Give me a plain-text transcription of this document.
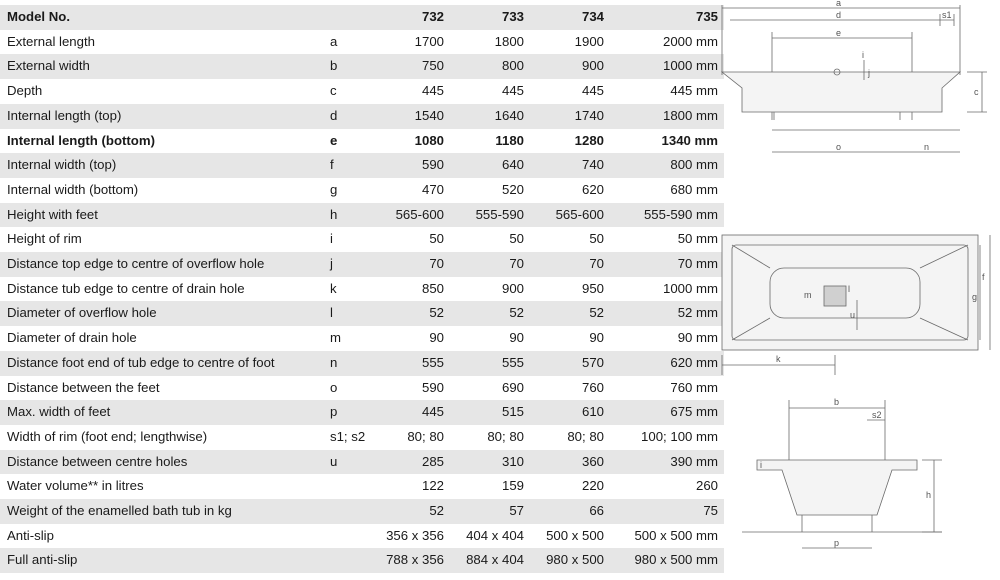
Model No.		732	733	734	735
External length	a	1700	1800	1900	2000 mm
External width	b	750	800	900	1000 mm
Depth	c	445	445	445	445 mm
Internal length (top)	d	1540	1640	1740	1800 mm
Internal length (bottom)	e	1080	1180	1280	1340 mm
Internal width (top)	f	590	640	740	800 mm
Internal width (bottom)	g	470	520	620	680 mm
Height with feet	h	565-600	555-590	565-600	555-590 mm
Height of rim	i	50	50	50	50 mm
Distance top edge to centre of overflow hole	j	70	70	70	70 mm
Distance tub edge to centre of drain hole	k	850	900	950	1000 mm
Diameter of overflow hole	l	52	52	52	52 mm
Diameter of drain hole	m	90	90	90	90 mm
Distance foot end of tub edge to centre of foot	n	555	555	570	620 mm
Distance between the feet	o	590	690	760	760 mm
Max. width of feet	p	445	515	610	675 mm
Width of rim (foot end; lengthwise)	s1; s2	80; 80	80; 80	80; 80	100; 100 mm
Distance between centre holes	u	285	310	360	390 mm
Water volume** in litres		122	159	220	260
Weight of the enamelled bath tub in kg		52	57	66	75
Anti-slip		356 x 356	404 x 404	500 x 500	500 x 500 mm
Full anti-slip		788 x 356	884 x 404	980 x 500	980 x 500 mm
a
d	s1
e
c
o	n
i
j
f
g
k
m
u
l
b
s2
h
p
i
